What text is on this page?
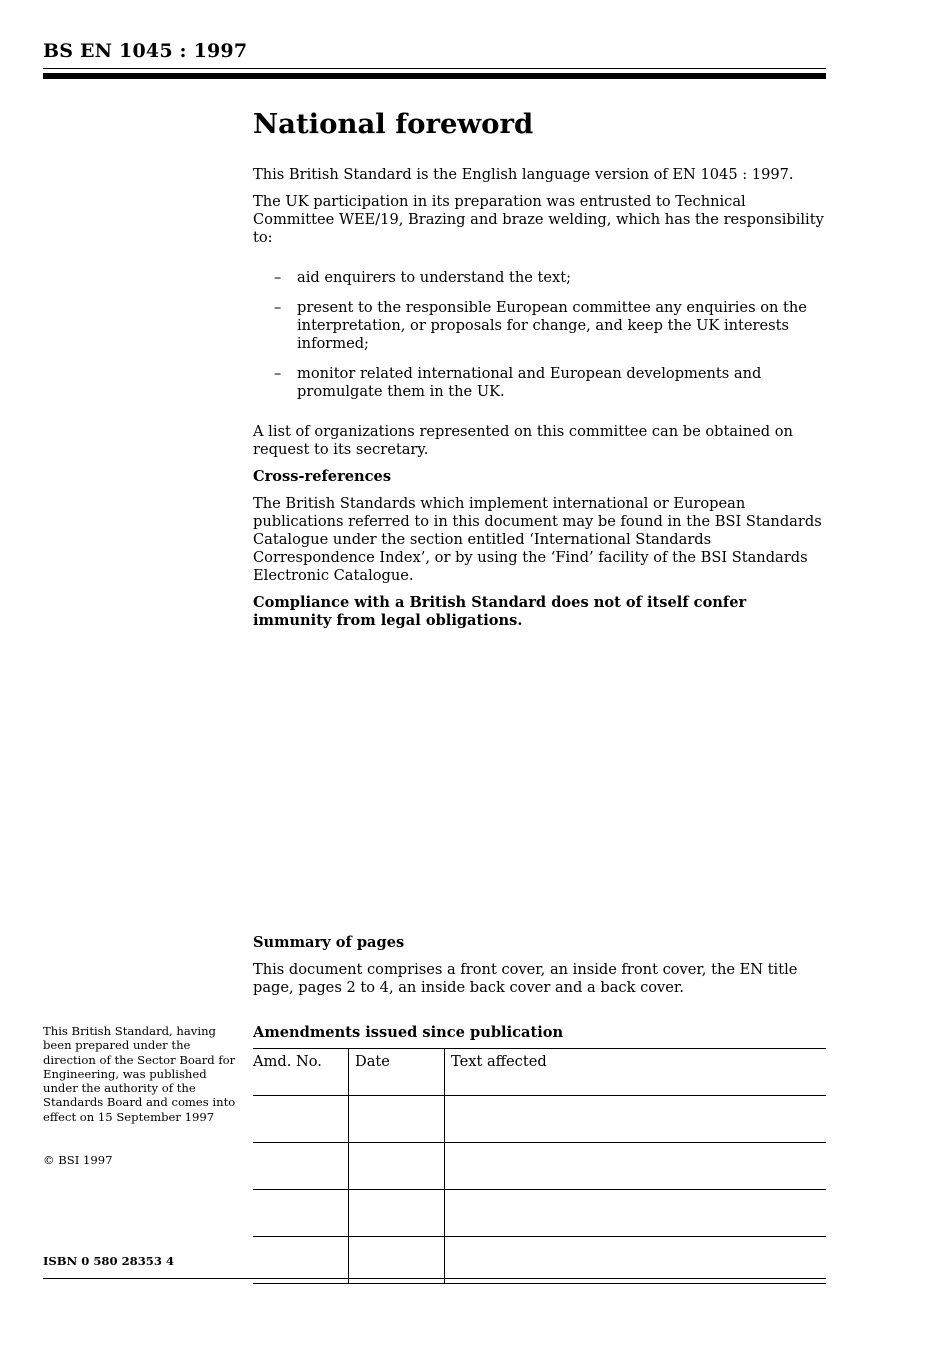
BS EN 1045 : 1997
National foreword

This British Standard is the English language version of EN 1045 : 1997.

The UK participation in its preparation was entrusted to Technical Committee WEE/19, Brazing and braze welding, which has the responsibility to:

– aid enquirers to understand the text;
– present to the responsible European committee any enquiries on the interpretation, or proposals for change, and keep the UK interests informed;
– monitor related international and European developments and promulgate them in the UK.

A list of organizations represented on this committee can be obtained on request to its secretary.

Cross-references

The British Standards which implement international or European publications referred to in this document may be found in the BSI Standards Catalogue under the section entitled ‘International Standards Correspondence Index’, or by using the ‘Find’ facility of the BSI Standards Electronic Catalogue.

Compliance with a British Standard does not of itself confer immunity from legal obligations.

Summary of pages

This document comprises a front cover, an inside front cover, the EN title page, pages 2 to 4, an inside back cover and a back cover.

This British Standard, having been prepared under the direction of the Sector Board for Engineering, was published under the authority of the Standards Board and comes into effect on 15 September 1997
© BSI 1997
ISBN 0 580 28353 4
Amendments issued since publication
Amd. No.	Date	Text affected
